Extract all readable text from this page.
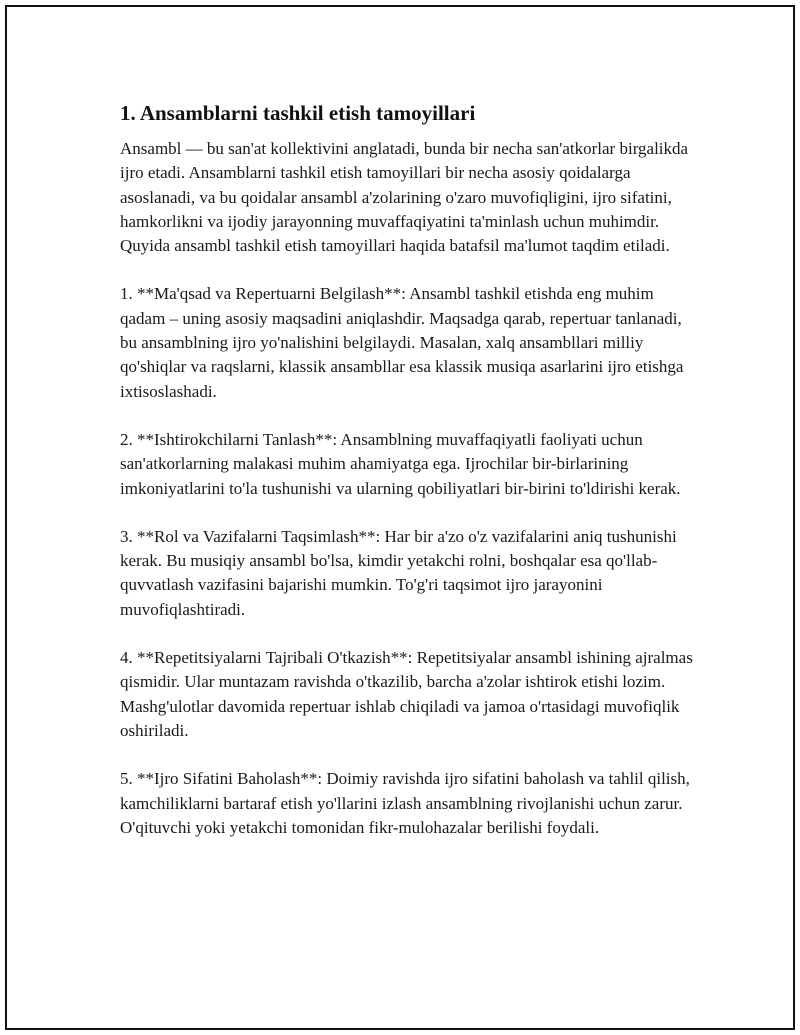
1. Ansamblarni tashkil etish tamoyillari

Ansambl — bu san'at kollektivini anglatadi, bunda bir necha san'atkorlar birgalikda ijro etadi. Ansamblarni tashkil etish tamoyillari bir necha asosiy qoidalarga asoslanadi, va bu qoidalar ansambl a'zolarining o'zaro muvofiqligini, ijro sifatini, hamkorlikni va ijodiy jarayonning muvaffaqiyatini ta'minlash uchun muhimdir. Quyida ansambl tashkil etish tamoyillari haqida batafsil ma'lumot taqdim etiladi.

1. **Ma'qsad va Repertuarni Belgilash**: Ansambl tashkil etishda eng muhim qadam – uning asosiy maqsadini aniqlashdir. Maqsadga qarab, repertuar tanlanadi, bu ansamblning ijro yo'nalishini belgilaydi. Masalan, xalq ansambllari milliy qo'shiqlar va raqslarni, klassik ansambllar esa klassik musiqa asarlarini ijro etishga ixtisoslashadi.

2. **Ishtirokchilarni Tanlash**: Ansamblning muvaffaqiyatli faoliyati uchun san'atkorlarning malakasi muhim ahamiyatga ega. Ijrochilar bir-birlarining imkoniyatlarini to'la tushunishi va ularning qobiliyatlari bir-birini to'ldirishi kerak.

3. **Rol va Vazifalarni Taqsimlash**: Har bir a'zo o'z vazifalarini aniq tushunishi kerak. Bu musiqiy ansambl bo'lsa, kimdir yetakchi rolni, boshqalar esa qo'llab-quvvatlash vazifasini bajarishi mumkin. To'g'ri taqsimot ijro jarayonini muvofiqlashtiradi.

4. **Repetitsiyalarni Tajribali O'tkazish**: Repetitsiyalar ansambl ishining ajralmas qismidir. Ular muntazam ravishda o'tkazilib, barcha a'zolar ishtirok etishi lozim. Mashg'ulotlar davomida repertuar ishlab chiqiladi va jamoa o'rtasidagi muvofiqlik oshiriladi.

5. **Ijro Sifatini Baholash**: Doimiy ravishda ijro sifatini baholash va tahlil qilish, kamchiliklarni bartaraf etish yo'llarini izlash ansamblning rivojlanishi uchun zarur. O'qituvchi yoki yetakchi tomonidan fikr-mulohazalar berilishi foydali.
